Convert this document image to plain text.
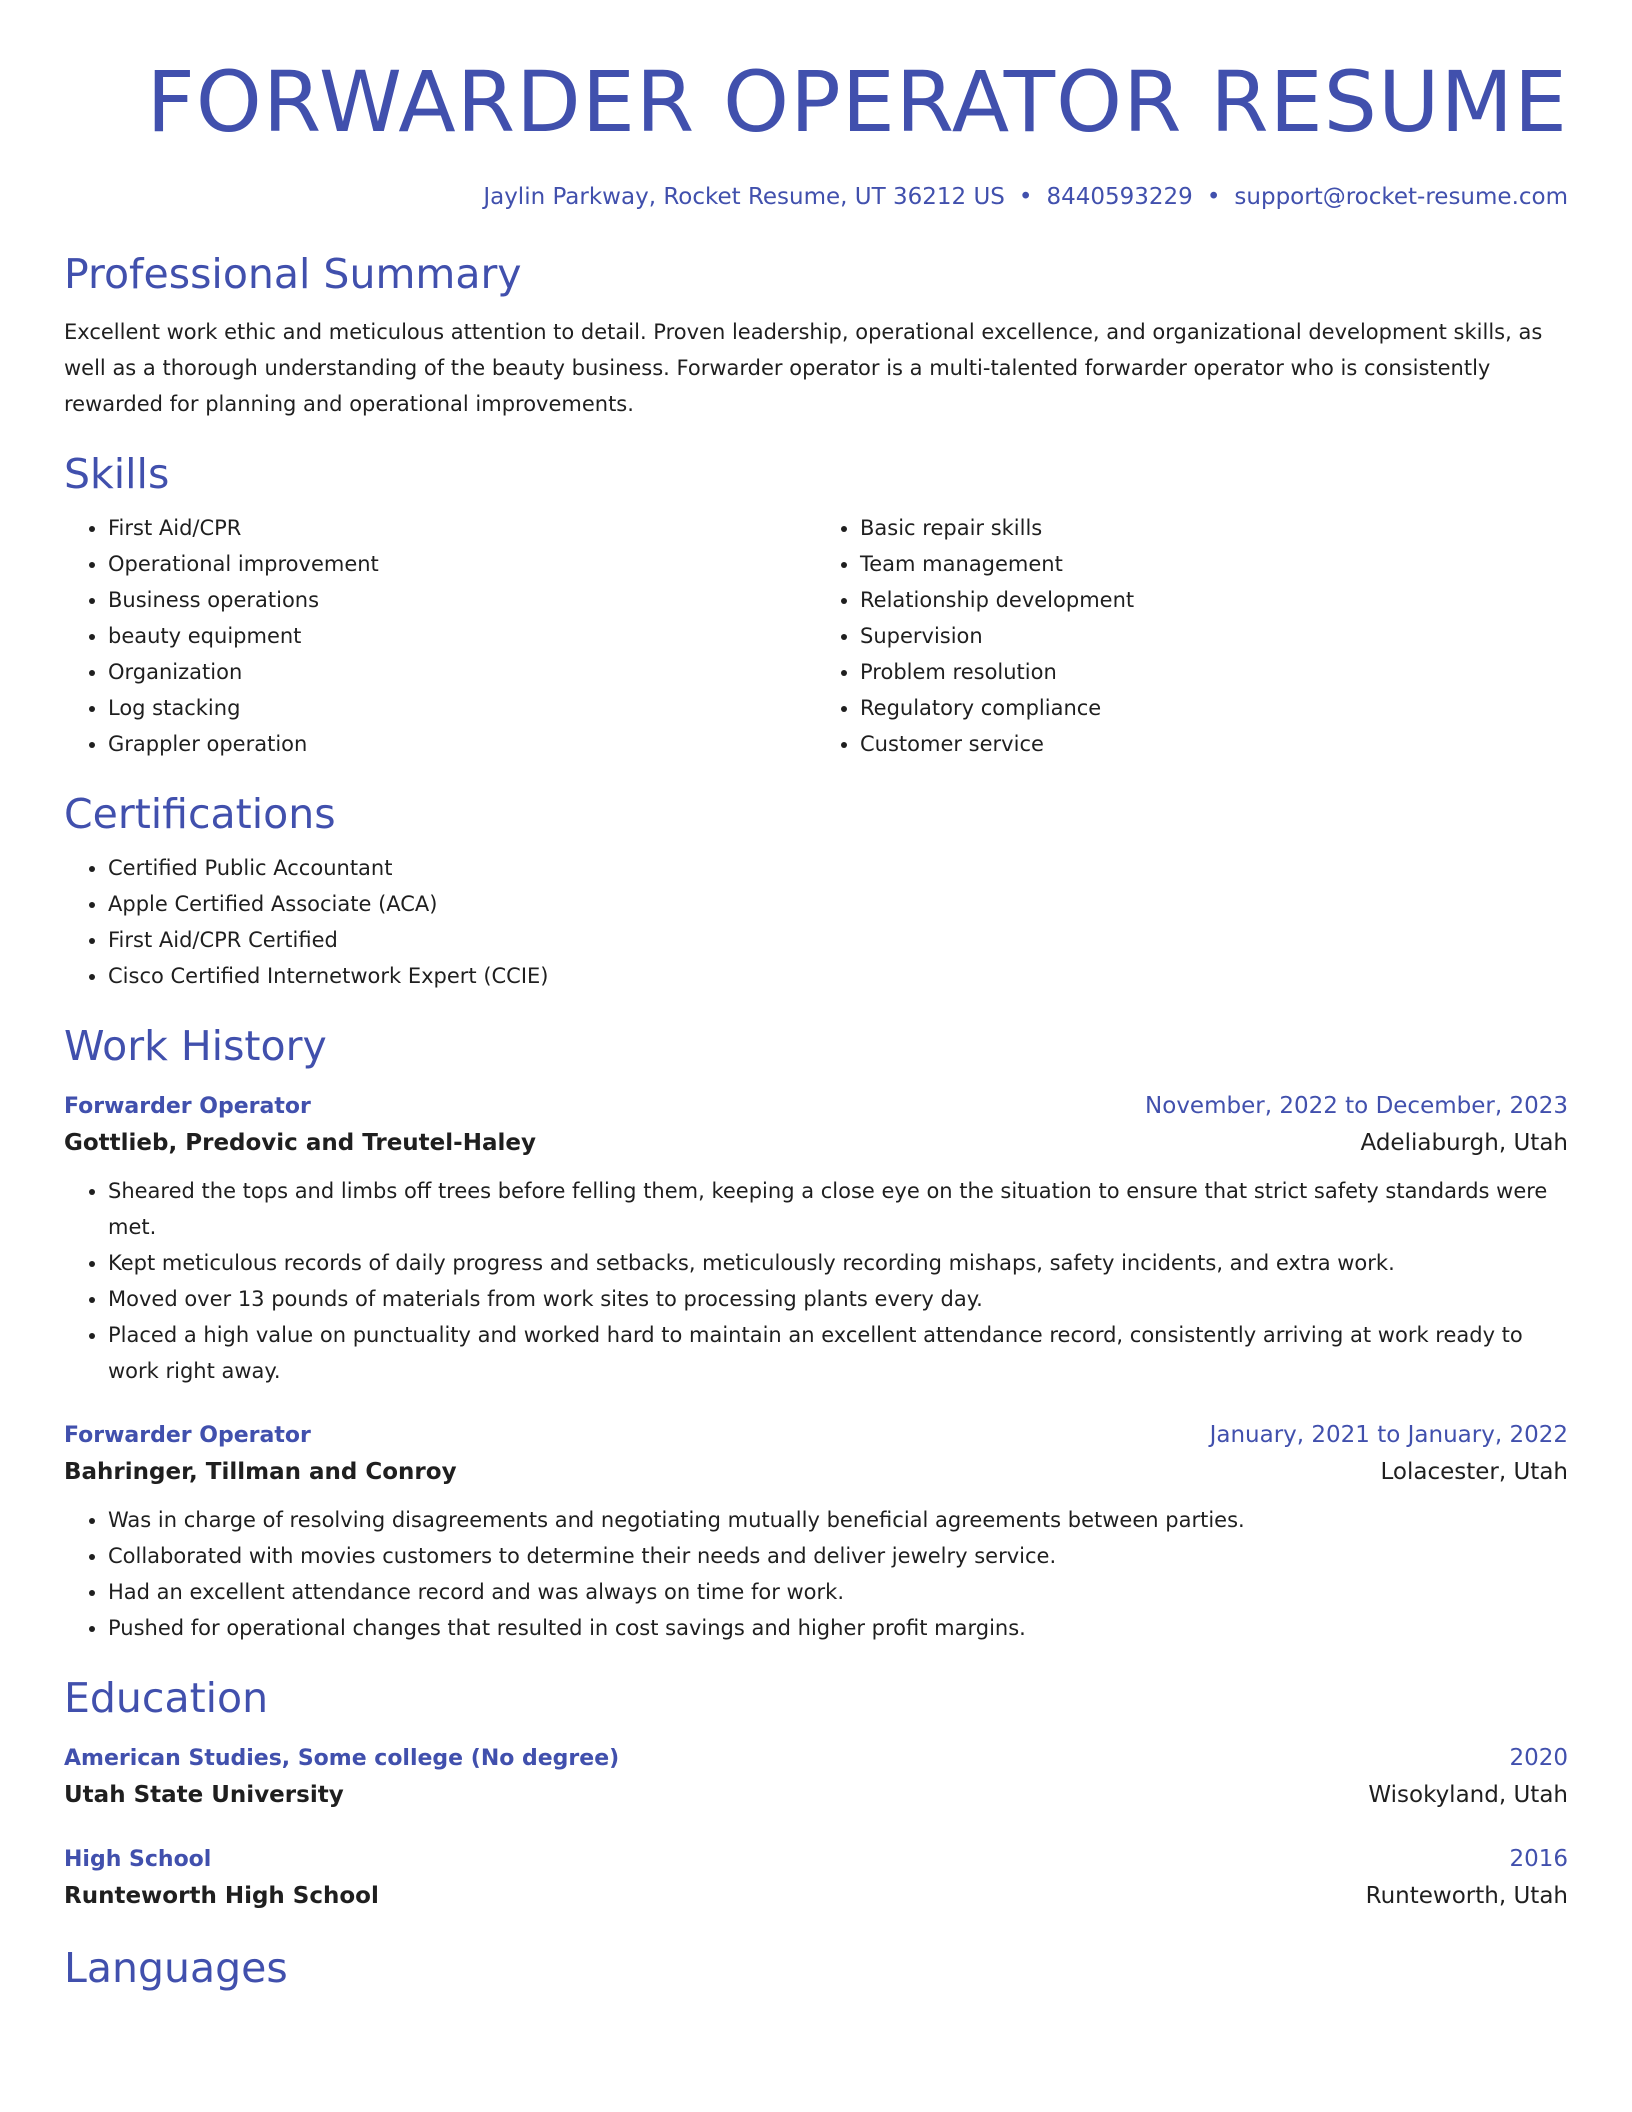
FORWARDER OPERATOR RESUME
Jaylin Parkway, Rocket Resume, UT 36212 US • 8440593229 • support@rocket-resume.com
Professional Summary

Excellent work ethic and meticulous attention to detail. Proven leadership, operational excellence, and organizational development skills, as well as a thorough understanding of the beauty business. Forwarder operator is a multi-talented forwarder operator who is consistently rewarded for planning and operational improvements.

Skills
• First Aid/CPR
• Operational improvement
• Business operations
• beauty equipment
• Organization
• Log stacking
• Grappler operation
• Basic repair skills
• Team management
• Relationship development
• Supervision
• Problem resolution
• Regulatory compliance
• Customer service
Certifications
• Certified Public Accountant
• Apple Certified Associate (ACA)
• First Aid/CPR Certified
• Cisco Certified Internetwork Expert (CCIE)
Work History
Forwarder Operator	November, 2022 to December, 2023
Gottlieb, Predovic and Treutel-Haley	Adeliaburgh, Utah
• Sheared the tops and limbs off trees before felling them, keeping a close eye on the situation to ensure that strict safety standards were met.
• Kept meticulous records of daily progress and setbacks, meticulously recording mishaps, safety incidents, and extra work.
• Moved over 13 pounds of materials from work sites to processing plants every day.
• Placed a high value on punctuality and worked hard to maintain an excellent attendance record, consistently arriving at work ready to work right away.
Forwarder Operator	January, 2021 to January, 2022
Bahringer, Tillman and Conroy	Lolacester, Utah
• Was in charge of resolving disagreements and negotiating mutually beneficial agreements between parties.
• Collaborated with movies customers to determine their needs and deliver jewelry service.
• Had an excellent attendance record and was always on time for work.
• Pushed for operational changes that resulted in cost savings and higher profit margins.
Education
American Studies, Some college (No degree)	2020
Utah State University	Wisokyland, Utah
High School	2016
Runteworth High School	Runteworth, Utah
Languages
